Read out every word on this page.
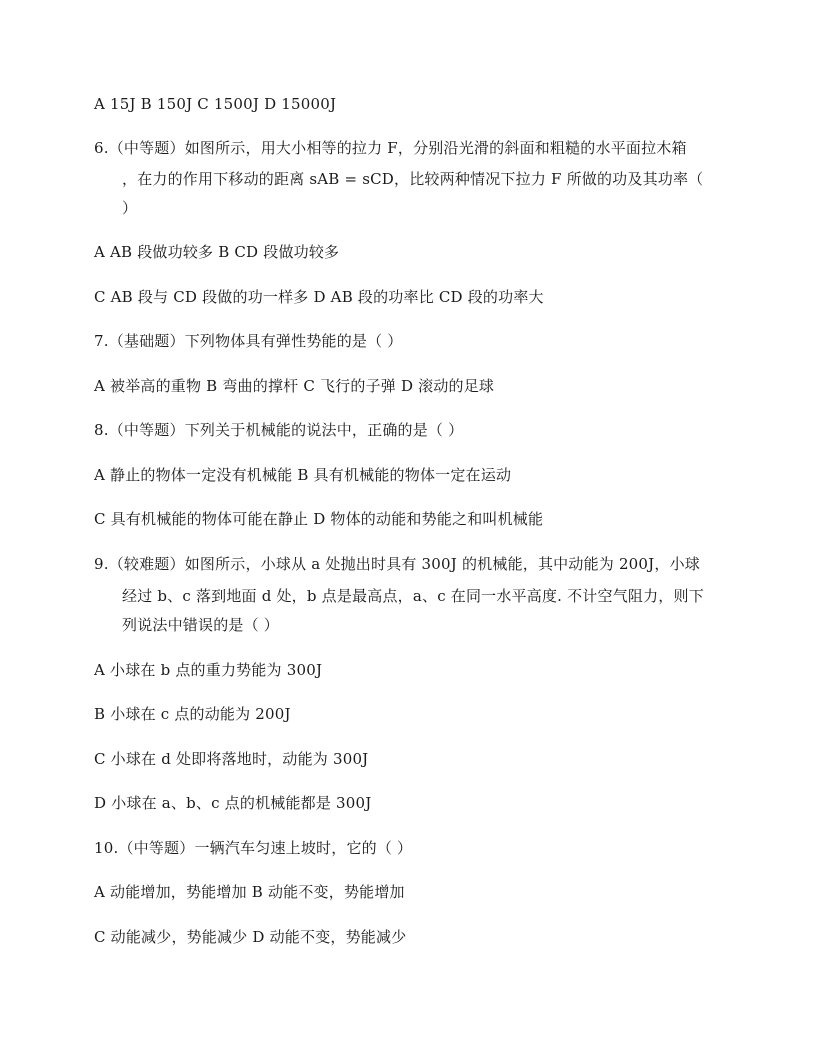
A 15J B 150J C 1500J D 15000J
6.（中等题）如图所示，用大小相等的拉力 F，分别沿光滑的斜面和粗糙的水平面拉木箱
，在力的作用下移动的距离 sAB = sCD，比较两种情况下拉力 F 所做的功及其功率（
）
A AB 段做功较多 B CD 段做功较多
C AB 段与 CD 段做的功一样多 D AB 段的功率比 CD 段的功率大
7.（基础题）下列物体具有弹性势能的是（ ）
A 被举高的重物 B 弯曲的撑杆 C 飞行的子弹 D 滚动的足球
8.（中等题）下列关于机械能的说法中，正确的是（ ）
A 静止的物体一定没有机械能 B 具有机械能的物体一定在运动
C 具有机械能的物体可能在静止 D 物体的动能和势能之和叫机械能
9.（较难题）如图所示，小球从 a 处抛出时具有 300J 的机械能，其中动能为 200J，小球
经过 b、c 落到地面 d 处，b 点是最高点，a、c 在同一水平高度. 不计空气阻力，则下
列说法中错误的是（ ）
A 小球在 b 点的重力势能为 300J
B 小球在 c 点的动能为 200J
C 小球在 d 处即将落地时，动能为 300J
D 小球在 a、b、c 点的机械能都是 300J
10.（中等题）一辆汽车匀速上坡时，它的（ ）
A 动能增加，势能增加 B 动能不变，势能增加
C 动能减少，势能减少 D 动能不变，势能减少
